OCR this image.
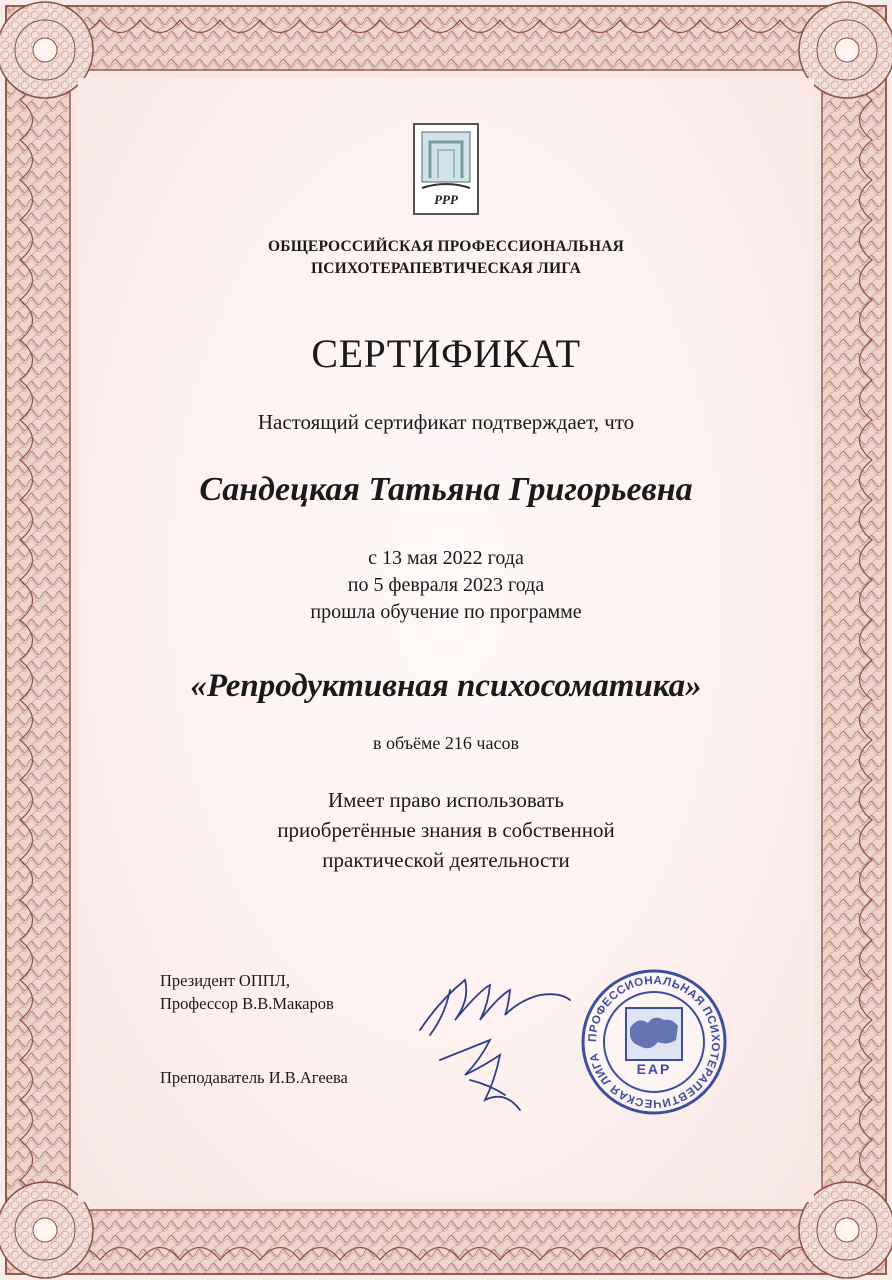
РРР
ОБЩЕРОССИЙСКАЯ ПРОФЕССИОНАЛЬНАЯ
ПСИХОТЕРАПЕВТИЧЕСКАЯ ЛИГА
СЕРТИФИКАТ
Настоящий сертификат подтверждает, что
Сандецкая Татьяна Григорьевна
с 13 мая 2022 года
по 5 февраля 2023 года
прошла обучение по программе
«Репродуктивная психосоматика»
в объёме 216 часов
Имеет право использовать
приобретённые знания в собственной
практической деятельности
Президент ОППЛ,
Профессор В.В.Макаров
Преподаватель И.В.Агеева
ПРОФЕССИОНАЛЬНАЯ ПСИХОТЕРАПЕВТИЧЕСКАЯ ЛИГА
EAP
